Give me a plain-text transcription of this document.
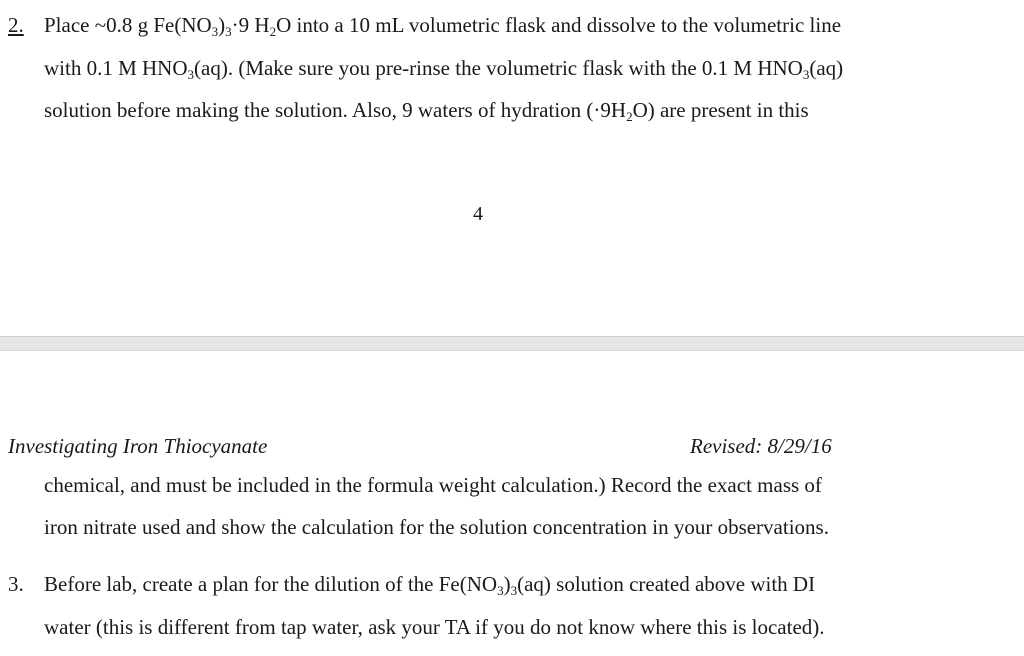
2. Place ~0.8 g $Fe(NO_3)_3\cdot 9$ $H_2O$ into a 10 mL volumetric flask and dissolve to the volumetric line
with 0.1 M $HNO_3(aq)$. (Make sure you pre-rinse the volumetric flask with the 0.1 M $HNO_3(aq)$
solution before making the solution. Also, 9 waters of hydration $(\cdot 9H_2O)$ are present in this
4
Investigating Iron Thiocyanate	Revised: 8/29/16
chemical, and must be included in the formula weight calculation.) Record the exact mass of
iron nitrate used and show the calculation for the solution concentration in your observations.
3. Before lab, create a plan for the dilution of the $Fe(NO_3)_3(aq)$ solution created above with DI
water (this is different from tap water, ask your TA if you do not know where this is located).
